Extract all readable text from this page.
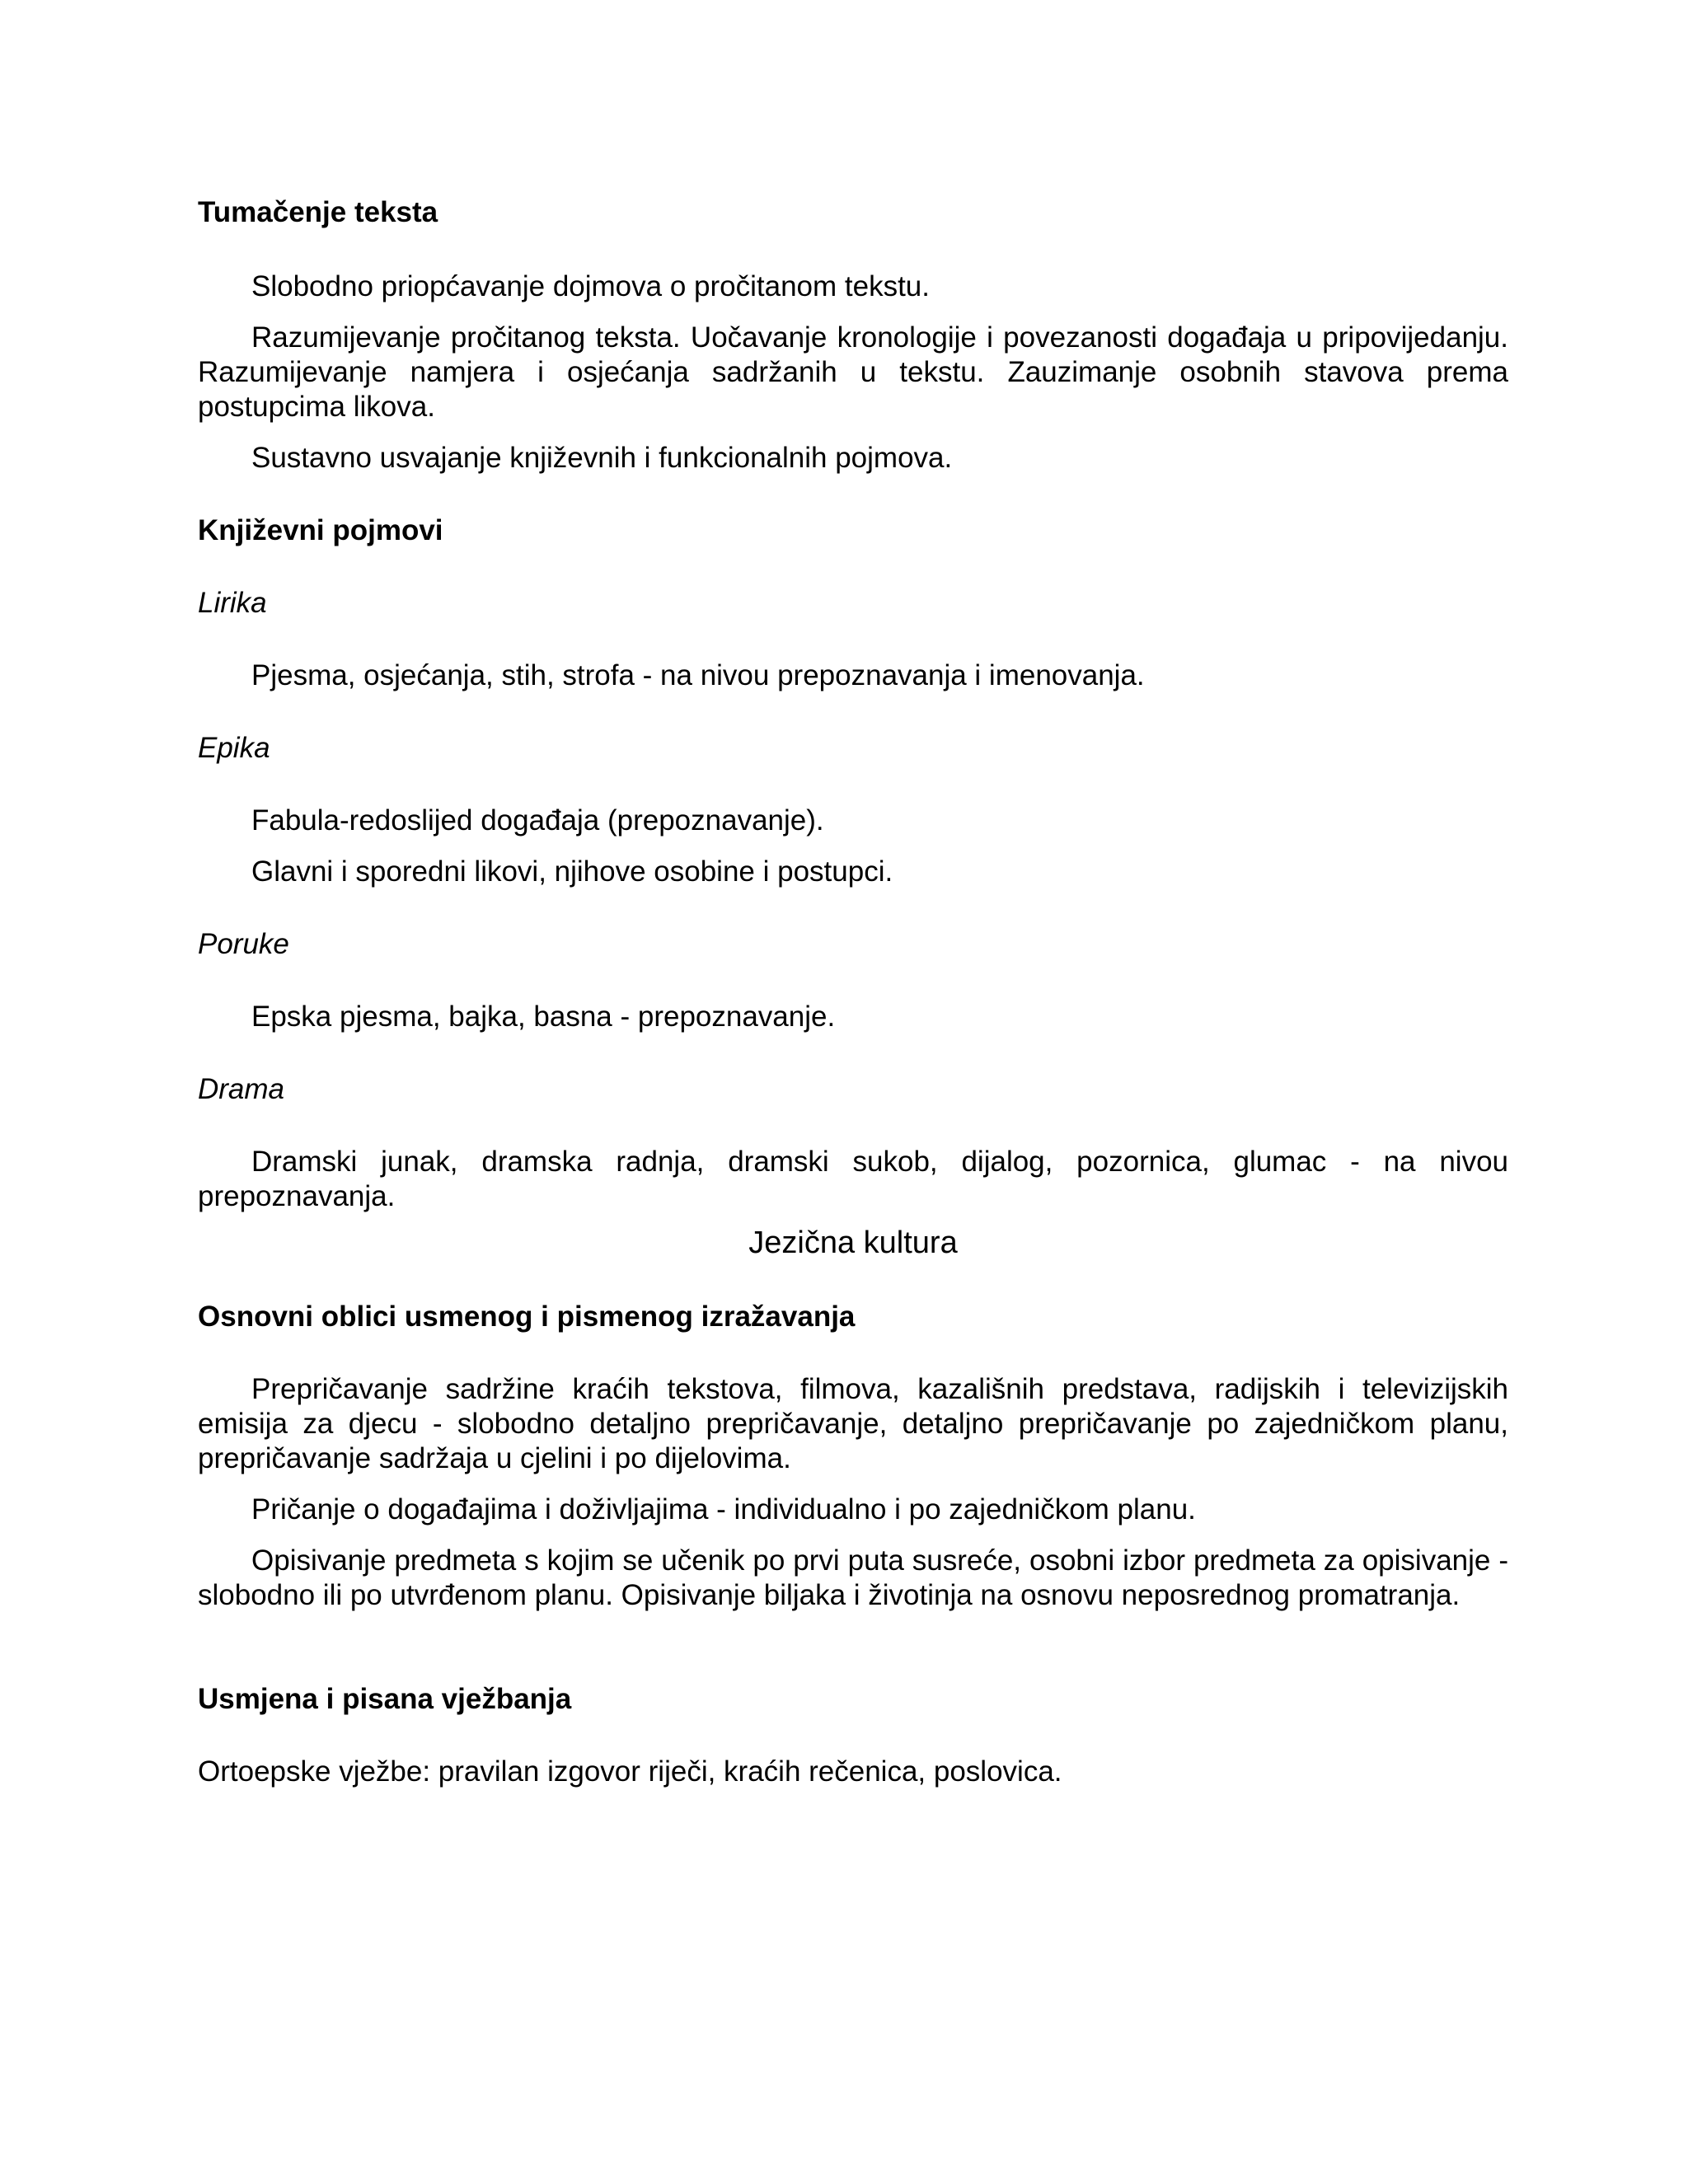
Tumačenje teksta

Slobodno priopćavanje dojmova o pročitanom tekstu.

Razumijevanje pročitanog teksta. Uočavanje kronologije i povezanosti događaja u pripovijedanju. Razumijevanje namjera i osjećanja sadržanih u tekstu. Zauzimanje osobnih stavova prema postupcima likova.

Sustavno usvajanje književnih i funkcionalnih pojmova.

Književni pojmovi

Lirika

Pjesma, osjećanja, stih, strofa - na nivou prepoznavanja i imenovanja.

Epika

Fabula-redoslijed događaja (prepoznavanje).

Glavni i sporedni likovi, njihove osobine i postupci.

Poruke

Epska pjesma, bajka, basna - prepoznavanje.

Drama

Dramski junak, dramska radnja, dramski sukob, dijalog, pozornica, glumac - na nivou prepoznavanja.

Jezična kultura

Osnovni oblici usmenog i pismenog izražavanja

Prepričavanje sadržine kraćih tekstova, filmova, kazališnih predstava, radijskih i televizijskih emisija za djecu - slobodno detaljno prepričavanje, detaljno prepričavanje po zajedničkom planu, prepričavanje sadržaja u cjelini i po dijelovima.

Pričanje o događajima i doživljajima - individualno i po zajedničkom planu.

Opisivanje predmeta s kojim se učenik po prvi puta susreće, osobni izbor predmeta za opisivanje - slobodno ili po utvrđenom planu. Opisivanje biljaka i životinja na osnovu neposrednog promatranja.

Usmjena i pisana vježbanja

Ortoepske vježbe: pravilan izgovor riječi, kraćih rečenica, poslovica.
